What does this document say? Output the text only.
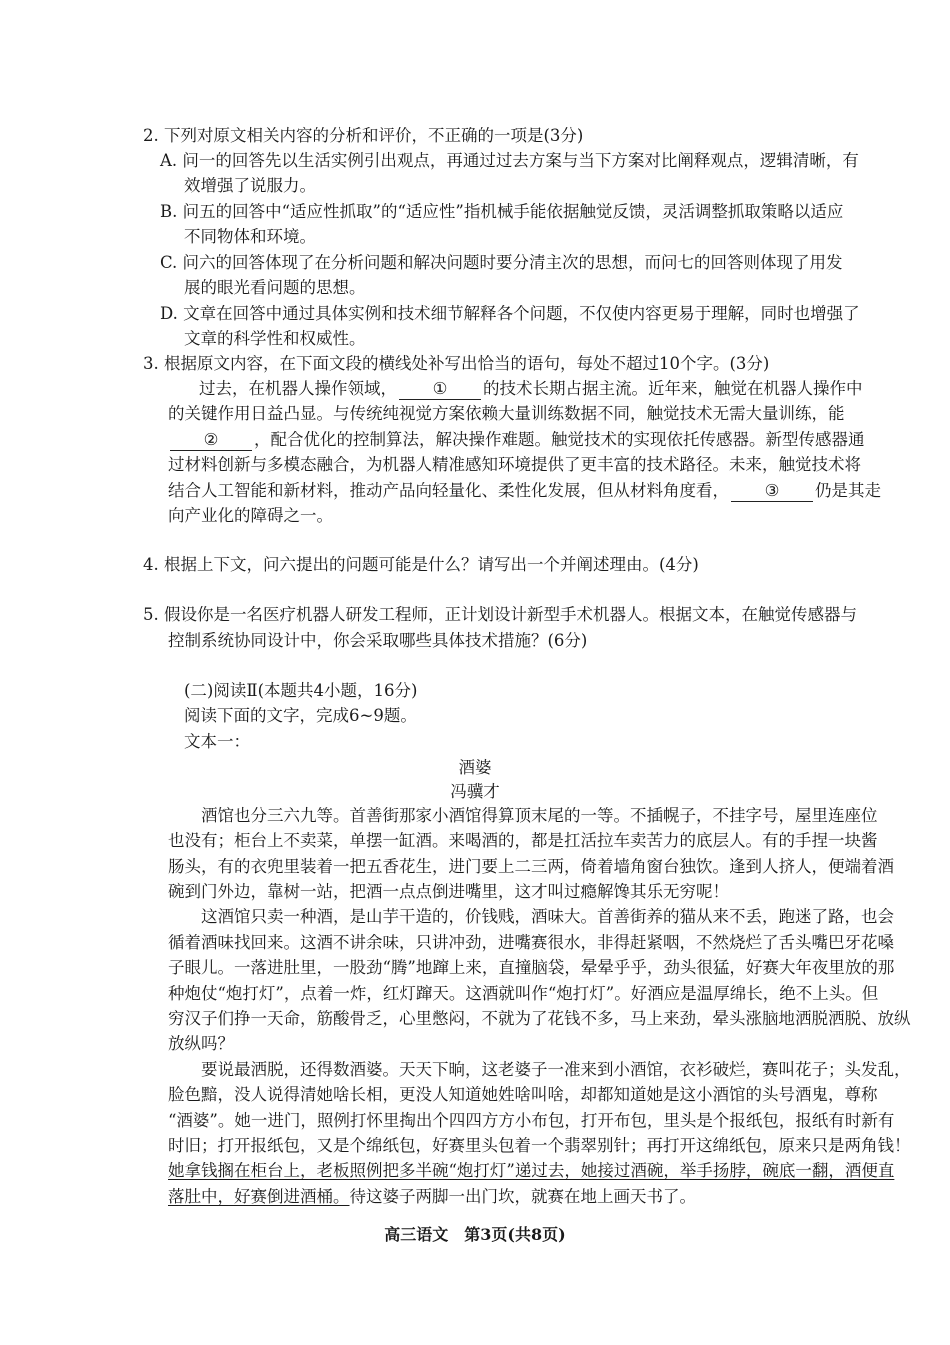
2. 下列对原文相关内容的分析和评价，不正确的一项是(3分)
A. 问一的回答先以生活实例引出观点，再通过过去方案与当下方案对比阐释观点，逻辑清晰，有
效增强了说服力。
B. 问五的回答中“适应性抓取”的“适应性”指机械手能依据触觉反馈，灵活调整抓取策略以适应
不同物体和环境。
C. 问六的回答体现了在分析问题和解决问题时要分清主次的思想，而问七的回答则体现了用发
展的眼光看问题的思想。
D. 文章在回答中通过具体实例和技术细节解释各个问题，不仅使内容更易于理解，同时也增强了
文章的科学性和权威性。
3. 根据原文内容，在下面文段的横线处补写出恰当的语句，每处不超过10个字。(3分)
过去，在机器人操作领域， ① 的技术长期占据主流。近年来，触觉在机器人操作中
的关键作用日益凸显。与传统纯视觉方案依赖大量训练数据不同，触觉技术无需大量训练，能
② ，配合优化的控制算法，解决操作难题。触觉技术的实现依托传感器。新型传感器通
过材料创新与多模态融合，为机器人精准感知环境提供了更丰富的技术路径。未来，触觉技术将
结合人工智能和新材料，推动产品向轻量化、柔性化发展，但从材料角度看， ③ 仍是其走
向产业化的障碍之一。
4. 根据上下文，问六提出的问题可能是什么？请写出一个并阐述理由。(4分)
5. 假设你是一名医疗机器人研发工程师，正计划设计新型手术机器人。根据文本，在触觉传感器与
控制系统协同设计中，你会采取哪些具体技术措施？(6分)
(二)阅读Ⅱ(本题共4小题，16分)
阅读下面的文字，完成6~9题。
文本一：
酒婆
冯骥才
酒馆也分三六九等。首善街那家小酒馆得算顶末尾的一等。不插幌子，不挂字号，屋里连座位
也没有；柜台上不卖菜，单摆一缸酒。来喝酒的，都是扛活拉车卖苦力的底层人。有的手捏一块酱
肠头，有的衣兜里装着一把五香花生，进门要上二三两，倚着墙角窗台独饮。逢到人挤人，便端着酒
碗到门外边，靠树一站，把酒一点点倒进嘴里，这才叫过瘾解馋其乐无穷呢！
这酒馆只卖一种酒，是山芋干造的，价钱贱，酒味大。首善街养的猫从来不丢，跑迷了路，也会
循着酒味找回来。这酒不讲余味，只讲冲劲，进嘴赛很水，非得赶紧咽，不然烧烂了舌头嘴巴牙花嗓
子眼儿。一落进肚里，一股劲“腾”地蹿上来，直撞脑袋，晕晕乎乎，劲头很猛，好赛大年夜里放的那
种炮仗“炮打灯”，点着一炸，红灯蹿天。这酒就叫作“炮打灯”。好酒应是温厚绵长，绝不上头。但
穷汉子们挣一天命，筋酸骨乏，心里憋闷，不就为了花钱不多，马上来劲，晕头涨脑地洒脱洒脱、放纵
放纵吗？
要说最洒脱，还得数酒婆。天天下晌，这老婆子一准来到小酒馆，衣衫破烂，赛叫花子；头发乱，
脸色黯，没人说得清她啥长相，更没人知道她姓啥叫啥，却都知道她是这小酒馆的头号酒鬼，尊称
“酒婆”。她一进门，照例打怀里掏出个四四方方小布包，打开布包，里头是个报纸包，报纸有时新有
时旧；打开报纸包，又是个绵纸包，好赛里头包着一个翡翠别针；再打开这绵纸包，原来只是两角钱！
她拿钱搁在柜台上，老板照例把多半碗“炮打灯”递过去，她接过酒碗，举手扬脖，碗底一翻，酒便直
落肚中，好赛倒进酒桶。待这婆子两脚一出门坎，就赛在地上画天书了。
高三语文　第3页(共8页)
